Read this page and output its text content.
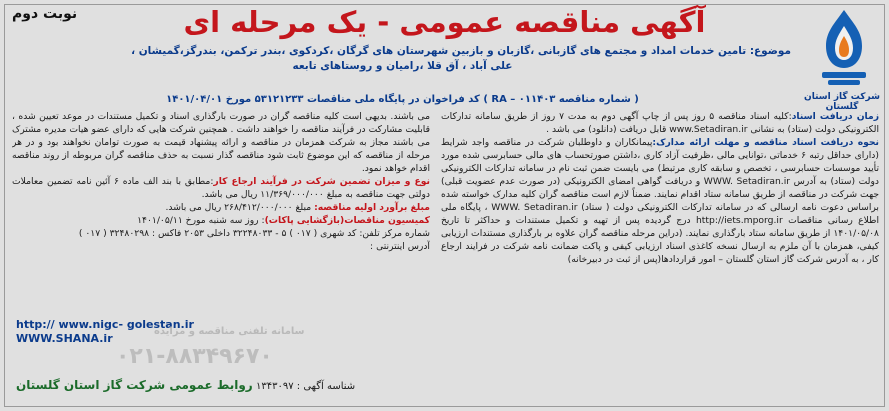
نوبت دوم	آگهی مناقصه عمومی - یک مرحله ای
شرکت گاز استان گلستان
موضوع: تامین خدمات امداد و مجتمع های گازبانی ،گازبان و بازبین شهرستان های گرگان ،کردکوی ،بندر ترکمن، بندرگز،گمیشان ،
علی آباد ، آق قلا ،رامیان و روستاهای تابعه
( شماره مناقصه RA – ۰۱۱۴۰۳ ) کد فراخوان در پایگاه ملی مناقصات ۵۳۱۲۱۲۳۳ مورخ ۱۴۰۱/۰۴/۰۱
زمان دریافت اسناد:کلیه اسناد مناقصه ۵ روز پس از چاپ آگهی دوم به مدت ۷ روز از طریق سامانه تدارکات الکترونیکی دولت (ستاد) به نشانی www.Setadiran.ir قابل دریافت (دانلود) می باشد .
نحوه دریافت اسناد مناقصه و مهلت ارائه مدارک:پیمانکاران و داوطلبان شرکت در مناقصه واجد شرایط (دارای حداقل رتبه ۶ خدماتی ،توانایی مالی ،ظرفیت آزاد کاری ،داشتن صورتحساب های مالی حسابرسی شده مورد تأیید موسسات حسابرسی ، تخصص و سابقه کاری مرتبط) می بایست ضمن ثبت نام در سامانه تدارکات الکترونیکی دولت (ستاد) به آدرس WWW. Setadiran.ir و دریافت گواهی امضای الکترونیکی (در صورت عدم عضویت قبلی) جهت شرکت در مناقصه از طریق سامانه ستاد اقدام نمایند. ضمناً لازم است مناقصه گران کلیه مدارک خواسته شده براساس دعوت نامه ارسالی که در سامانه تدارکات الکترونیکی دولت ( ستاد) WWW. Setadiran.ir ، پایگاه ملی اطلاع رسانی مناقصات http://iets.mporg.ir درج گردیده پس از تهیه و تکمیل مستندات و حداکثر تا تاریخ ۱۴۰۱/۰۵/۰۸ از طریق سامانه ستاد بارگذاری نمایند. (دراین مرحله مناقصه گران علاوه بر بارگذاری مستندات ارزیابی کیفی، همزمان با آن ملزم به ارسال نسخه کاغذی اسناد ارزیابی کیفی و پاکت ضمانت نامه شرکت در فرایند ارجاع کار ، به آدرس شرکت گاز استان گلستان – امور قراردادها(پس از ثبت در دبیرخانه)
می باشند. بدیهی است کلیه مناقصه گران در صورت بارگذاری اسناد و تکمیل مستندات در موعد تعیین شده ، قابلیت مشارکت در فرآیند مناقصه را خواهند داشت . همچنین شرکت هایی که دارای عضو هیات مدیره مشترک می باشند مجاز به شرکت همزمان در مناقصه و ارائه پیشنهاد قیمت به صورت توامان نخواهند بود و در هر مرحله از مناقصه که این موضوع ثابت شود مناقصه گذار نسبت به حذف مناقصه گران مربوطه از روند مناقصه اقدام خواهد نمود.
نوع و میزان تضمین شرکت در فرآیند ارجاع کار:مطابق با بند الف ماده ۶ آئین نامه تضمین معاملات دولتی جهت مناقصه به مبلغ ۱۱/۳۶۹/۰۰۰/۰۰۰ ریال می باشد.
مبلغ برآورد اولیه مناقصه: مبلغ ۲۶۸/۴۱۲/۰۰۰/۰۰۰ ریال می باشد.
کمیسیون مناقصات(بازگشایی پاکات): روز سه شنبه مورخ ۱۴۰۱/۰۵/۱۱
شماره مرکز تلفن: کد شهری ( ۰۱۷ ) ۵ - ۳۲۲۴۸۰۳۳ داخلی ۲۰۵۳ فاکس : ۳۲۴۸۰۲۹۸ ( ۰۱۷ )
آدرس اینترنتی :
http:// www.nigc- golestan.ir
WWW.SHANA.ir
سامانه تلفنی مناقصه و مزایده
۰۲۱-۸۸۳۴۹۶۷۰
روابط عمومی شرکت گاز استان گلستان شناسه آگهی : ۱۳۴۳۰۹۷
